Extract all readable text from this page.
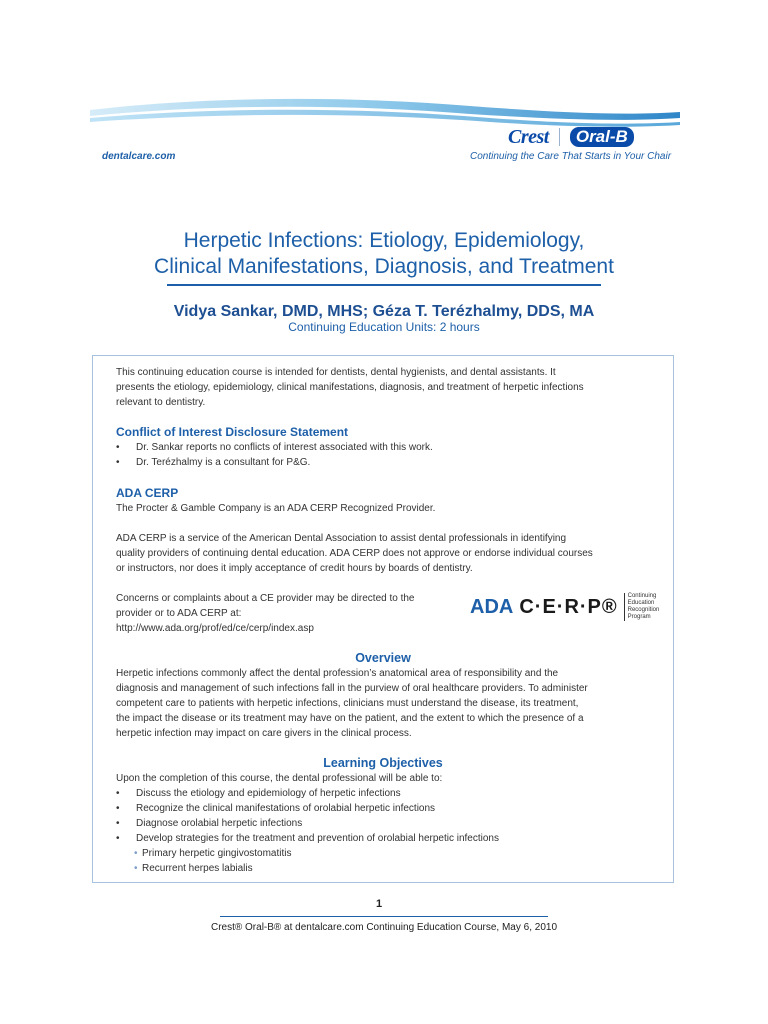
dentalcare.com
Crest	Oral-B
Continuing the Care That Starts in Your Chair
Herpetic Infections: Etiology, Epidemiology,
Clinical Manifestations, Diagnosis, and Treatment
Vidya Sankar, DMD, MHS; Géza T. Terézhalmy, DDS, MA
Continuing Education Units: 2 hours
This continuing education course is intended for dentists, dental hygienists, and dental assistants. It
presents the etiology, epidemiology, clinical manifestations, diagnosis, and treatment of herpetic infections
relevant to dentistry.
Conflict of Interest Disclosure Statement
• Dr. Sankar reports no conflicts of interest associated with this work.
• Dr. Terézhalmy is a consultant for P&G.
ADA CERP
The Procter & Gamble Company is an ADA CERP Recognized Provider.
ADA CERP is a service of the American Dental Association to assist dental professionals in identifying
quality providers of continuing dental education. ADA CERP does not approve or endorse individual courses
or instructors, nor does it imply acceptance of credit hours by boards of dentistry.
Concerns or complaints about a CE provider may be directed to the
provider or to ADA CERP at:
http://www.ada.org/prof/ed/ce/cerp/index.asp
ADA C·E·R·P®	Continuing Education
Recognition Program
Overview
Herpetic infections commonly affect the dental profession’s anatomical area of responsibility and the
diagnosis and management of such infections fall in the purview of oral healthcare providers. To administer
competent care to patients with herpetic infections, clinicians must understand the disease, its treatment,
the impact the disease or its treatment may have on the patient, and the extent to which the presence of a
herpetic infection may impact on care givers in the clinical process.
Learning Objectives
Upon the completion of this course, the dental professional will be able to:
• Discuss the etiology and epidemiology of herpetic infections
• Recognize the clinical manifestations of orolabial herpetic infections
• Diagnose orolabial herpetic infections
• Develop strategies for the treatment and prevention of orolabial herpetic infections
• Primary herpetic gingivostomatitis
• Recurrent herpes labialis
1
Crest® Oral-B® at dentalcare.com Continuing Education Course, May 6, 2010
